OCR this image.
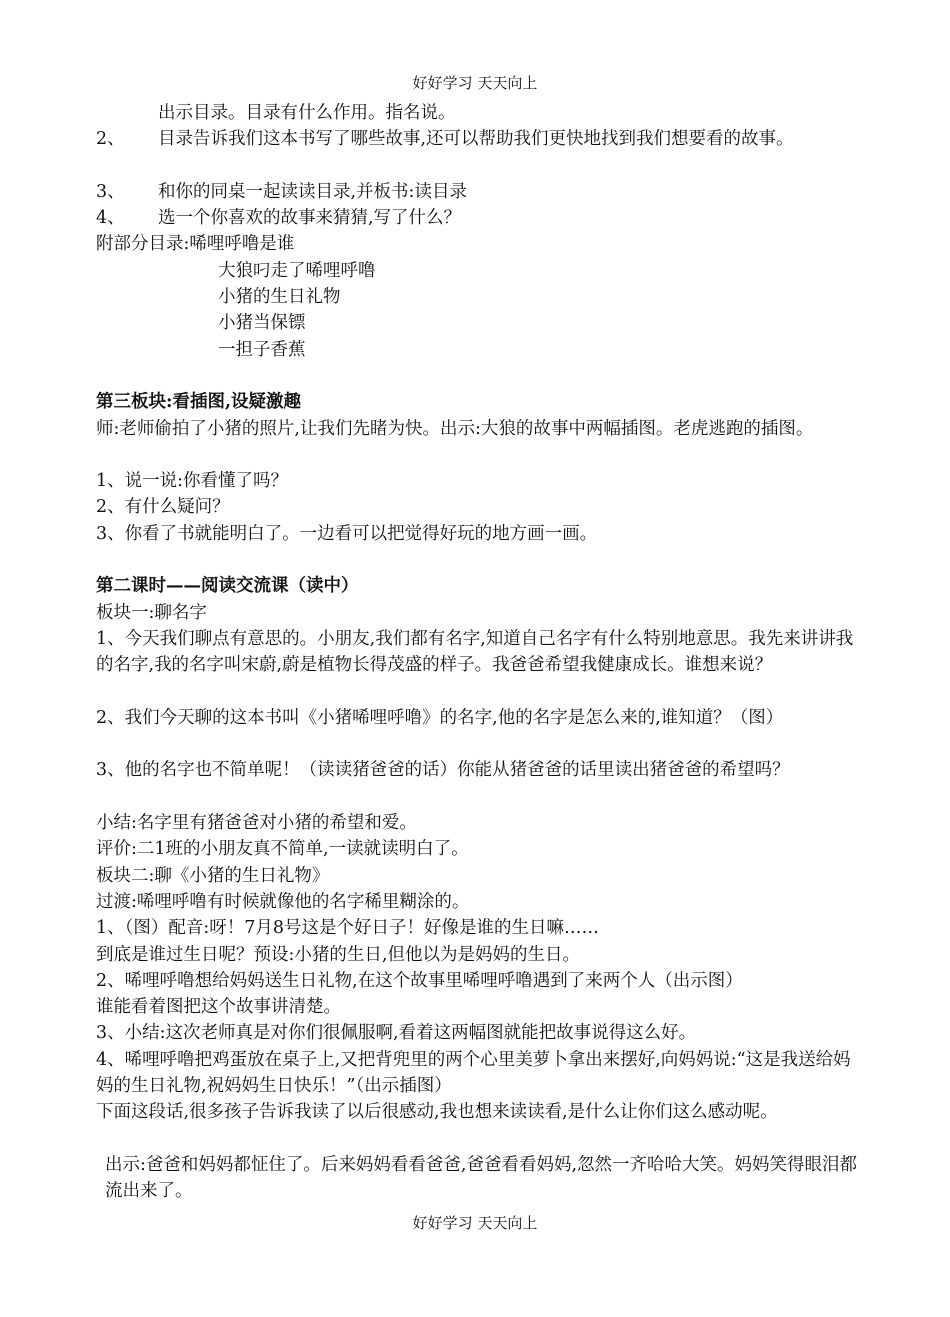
好好学习 天天向上
出示目录。目录有什么作用。指名说。
2、	目录告诉我们这本书写了哪些故事,还可以帮助我们更快地找到我们想要看的故事。
3、	和你的同桌一起读读目录,并板书:读目录
4、	选一个你喜欢的故事来猜猜,写了什么？
附部分目录:唏哩呼噜是谁
大狼叼走了唏哩呼噜
小猪的生日礼物
小猪当保镖
一担子香蕉
第三板块:看插图,设疑激趣
师:老师偷拍了小猪的照片,让我们先睹为快。出示:大狼的故事中两幅插图。老虎逃跑的插图。
1、说一说:你看懂了吗？
2、有什么疑问？
3、你看了书就能明白了。一边看可以把觉得好玩的地方画一画。
第二课时——阅读交流课（读中）
板块一:聊名字
1、今天我们聊点有意思的。小朋友,我们都有名字,知道自己名字有什么特别地意思。我先来讲讲我的名字,我的名字叫宋蔚,蔚是植物长得茂盛的样子。我爸爸希望我健康成长。谁想来说？
2、我们今天聊的这本书叫《小猪唏哩呼噜》的名字,他的名字是怎么来的,谁知道？（图）
3、他的名字也不简单呢！（读读猪爸爸的话）你能从猪爸爸的话里读出猪爸爸的希望吗？
小结:名字里有猪爸爸对小猪的希望和爱。
评价:二1班的小朋友真不简单,一读就读明白了。
板块二:聊《小猪的生日礼物》
过渡:唏哩呼噜有时候就像他的名字稀里糊涂的。
1、（图）配音:呀！7月8号这是个好日子！好像是谁的生日嘛……
到底是谁过生日呢？预设:小猪的生日,但他以为是妈妈的生日。
2、唏哩呼噜想给妈妈送生日礼物,在这个故事里唏哩呼噜遇到了来两个人（出示图）
谁能看着图把这个故事讲清楚。
3、小结:这次老师真是对你们很佩服啊,看着这两幅图就能把故事说得这么好。
4、唏哩呼噜把鸡蛋放在桌子上,又把背兜里的两个心里美萝卜拿出来摆好,向妈妈说:“这是我送给妈妈的生日礼物,祝妈妈生日快乐！”（出示插图）
下面这段话,很多孩子告诉我读了以后很感动,我也想来读读看,是什么让你们这么感动呢。
出示:爸爸和妈妈都怔住了。后来妈妈看看爸爸,爸爸看看妈妈,忽然一齐哈哈大笑。妈妈笑得眼泪都流出来了。
好好学习 天天向上
